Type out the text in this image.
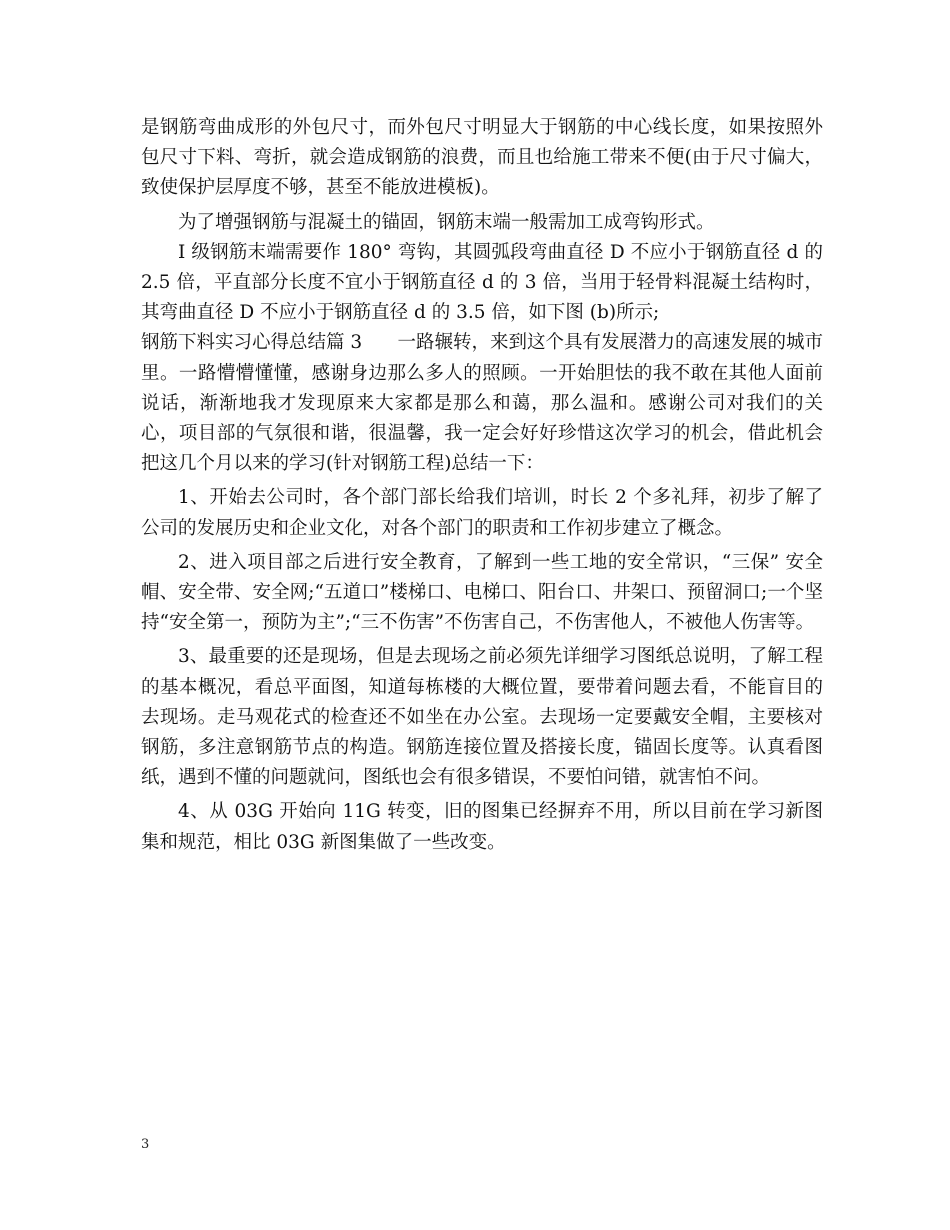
是钢筋弯曲成形的外包尺寸，而外包尺寸明显大于钢筋的中心线长度，如果按照外包尺寸下料、弯折，就会造成钢筋的浪费，而且也给施工带来不便(由于尺寸偏大，致使保护层厚度不够，甚至不能放进模板)。

为了增强钢筋与混凝土的锚固，钢筋末端一般需加工成弯钩形式。

I 级钢筋末端需要作 180° 弯钩，其圆弧段弯曲直径 D 不应小于钢筋直径 d 的 2.5 倍，平直部分长度不宜小于钢筋直径 d 的 3 倍，当用于轻骨料混凝土结构时，其弯曲直径 D 不应小于钢筋直径 d 的 3.5 倍，如下图 (b)所示;

钢筋下料实习心得总结篇 3 一路辗转，来到这个具有发展潜力的高速发展的城市里。一路懵懵懂懂，感谢身边那么多人的照顾。一开始胆怯的我不敢在其他人面前说话，渐渐地我才发现原来大家都是那么和蔼，那么温和。感谢公司对我们的关心，项目部的气氛很和谐，很温馨，我一定会好好珍惜这次学习的机会，借此机会把这几个月以来的学习(针对钢筋工程)总结一下：

1、开始去公司时，各个部门部长给我们培训，时长 2 个多礼拜，初步了解了公司的发展历史和企业文化，对各个部门的职责和工作初步建立了概念。

2、进入项目部之后进行安全教育，了解到一些工地的安全常识，“三保” 安全帽、安全带、安全网;“五道口”楼梯口、电梯口、阳台口、井架口、预留洞口;一个坚持“安全第一，预防为主”;“三不伤害”不伤害自己，不伤害他人，不被他人伤害等。

3、最重要的还是现场，但是去现场之前必须先详细学习图纸总说明，了解工程的基本概况，看总平面图，知道每栋楼的大概位置，要带着问题去看，不能盲目的去现场。走马观花式的检查还不如坐在办公室。去现场一定要戴安全帽，主要核对钢筋，多注意钢筋节点的构造。钢筋连接位置及搭接长度，锚固长度等。认真看图纸，遇到不懂的问题就问，图纸也会有很多错误，不要怕问错，就害怕不问。

4、从 03G 开始向 11G 转变，旧的图集已经摒弃不用，所以目前在学习新图集和规范，相比 03G 新图集做了一些改变。

3
